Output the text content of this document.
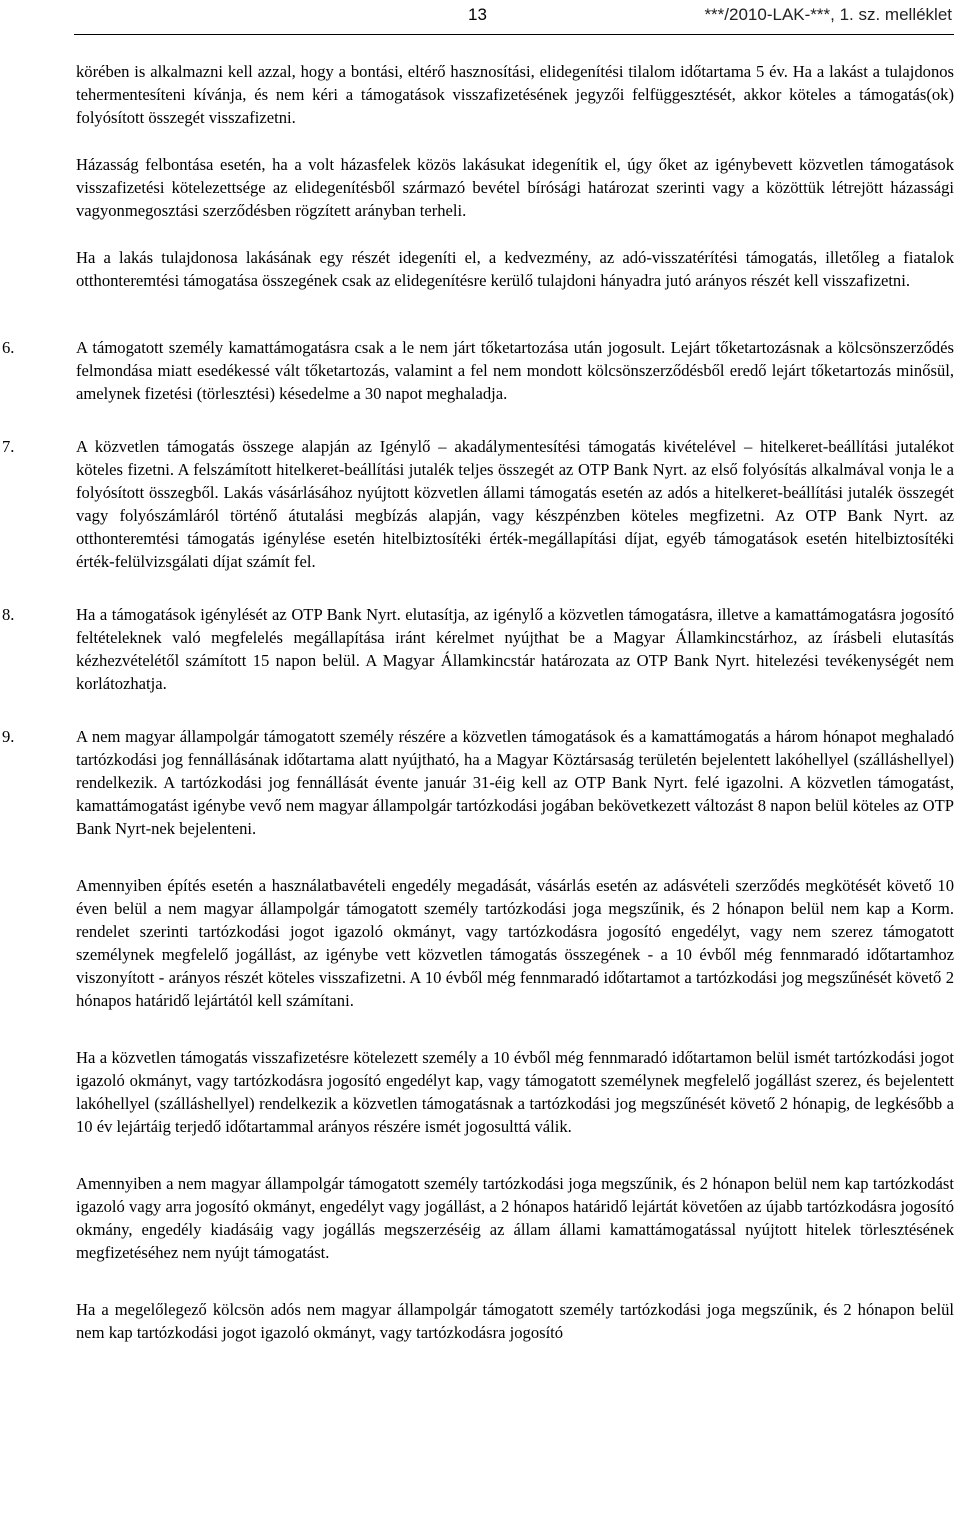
13	***/2010-LAK-***, 1. sz. melléklet

körében is alkalmazni kell azzal, hogy a bontási, eltérő hasznosítási, elidegenítési tilalom időtartama 5 év. Ha a lakást a tulajdonos tehermentesíteni kívánja, és nem kéri a támogatások visszafizetésének jegyzői felfüggesztését, akkor köteles a támogatás(ok) folyósított összegét visszafizetni.

Házasság felbontása esetén, ha a volt házasfelek közös lakásukat idegenítik el, úgy őket az igénybevett közvetlen támogatások visszafizetési kötelezettsége az elidegenítésből származó bevétel bírósági határozat szerinti vagy a közöttük létrejött házassági vagyonmegosztási szerződésben rögzített arányban terheli.

Ha a lakás tulajdonosa lakásának egy részét idegeníti el, a kedvezmény, az adó-visszatérítési támogatás, illetőleg a fiatalok otthonteremtési támogatása összegének csak az elidegenítésre kerülő tulajdoni hányadra jutó arányos részét kell visszafizetni.

6.	A támogatott személy kamattámogatásra csak a le nem járt tőketartozása után jogosult. Lejárt tőketartozásnak a kölcsönszerződés felmondása miatt esedékessé vált tőketartozás, valamint a fel nem mondott kölcsönszerződésből eredő lejárt tőketartozás minősül, amelynek fizetési (törlesztési) késedelme a 30 napot meghaladja.

7.	A közvetlen támogatás összege alapján az Igénylő – akadálymentesítési támogatás kivételével – hitelkeret-beállítási jutalékot köteles fizetni. A felszámított hitelkeret-beállítási jutalék teljes összegét az OTP Bank Nyrt. az első folyósítás alkalmával vonja le a folyósított összegből. Lakás vásárlásához nyújtott közvetlen állami támogatás esetén az adós a hitelkeret-beállítási jutalék összegét vagy folyószámláról történő átutalási megbízás alapján, vagy készpénzben köteles megfizetni. Az OTP Bank Nyrt. az otthonteremtési támogatás igénylése esetén hitelbiztosítéki érték-megállapítási díjat, egyéb támogatások esetén hitelbiztosítéki érték-felülvizsgálati díjat számít fel.

8.	Ha a támogatások igénylését az OTP Bank Nyrt. elutasítja, az igénylő a közvetlen támogatásra, illetve a kamattámogatásra jogosító feltételeknek való megfelelés megállapítása iránt kérelmet nyújthat be a Magyar Államkincstárhoz, az írásbeli elutasítás kézhezvételétől számított 15 napon belül. A Magyar Államkincstár határozata az OTP Bank Nyrt. hitelezési tevékenységét nem korlátozhatja.

9.	A nem magyar állampolgár támogatott személy részére a közvetlen támogatások és a kamattámogatás a három hónapot meghaladó tartózkodási jog fennállásának időtartama alatt nyújtható, ha a Magyar Köztársaság területén bejelentett lakóhellyel (szálláshellyel) rendelkezik. A tartózkodási jog fennállását évente január 31-éig kell az OTP Bank Nyrt. felé igazolni. A közvetlen támogatást, kamattámogatást igénybe vevő nem magyar állampolgár tartózkodási jogában bekövetkezett változást 8 napon belül köteles az OTP Bank Nyrt-nek bejelenteni.

Amennyiben építés esetén a használatbavételi engedély megadását, vásárlás esetén az adásvételi szerződés megkötését követő 10 éven belül a nem magyar állampolgár támogatott személy tartózkodási joga megszűnik, és 2 hónapon belül nem kap a Korm. rendelet szerinti tartózkodási jogot igazoló okmányt, vagy tartózkodásra jogosító engedélyt, vagy nem szerez támogatott személynek megfelelő jogállást, az igénybe vett közvetlen támogatás összegének - a 10 évből még fennmaradó időtartamhoz viszonyított - arányos részét köteles visszafizetni. A 10 évből még fennmaradó időtartamot a tartózkodási jog megszűnését követő 2 hónapos határidő lejártától kell számítani.

Ha a közvetlen támogatás visszafizetésre kötelezett személy a 10 évből még fennmaradó időtartamon belül ismét tartózkodási jogot igazoló okmányt, vagy tartózkodásra jogosító engedélyt kap, vagy támogatott személynek megfelelő jogállást szerez, és bejelentett lakóhellyel (szálláshellyel) rendelkezik a közvetlen támogatásnak a tartózkodási jog megszűnését követő 2 hónapig, de legkésőbb a 10 év lejártáig terjedő időtartammal arányos részére ismét jogosulttá válik.

Amennyiben a nem magyar állampolgár támogatott személy tartózkodási joga megszűnik, és 2 hónapon belül nem kap tartózkodást igazoló vagy arra jogosító okmányt, engedélyt vagy jogállást, a 2 hónapos határidő lejártát követően az újabb tartózkodásra jogosító okmány, engedély kiadásáig vagy jogállás megszerzéséig az állam állami kamattámogatással nyújtott hitelek törlesztésének megfizetéséhez nem nyújt támogatást.

Ha a megelőlegező kölcsön adós nem magyar állampolgár támogatott személy tartózkodási joga megszűnik, és 2 hónapon belül nem kap tartózkodási jogot igazoló okmányt, vagy tartózkodásra jogosító
